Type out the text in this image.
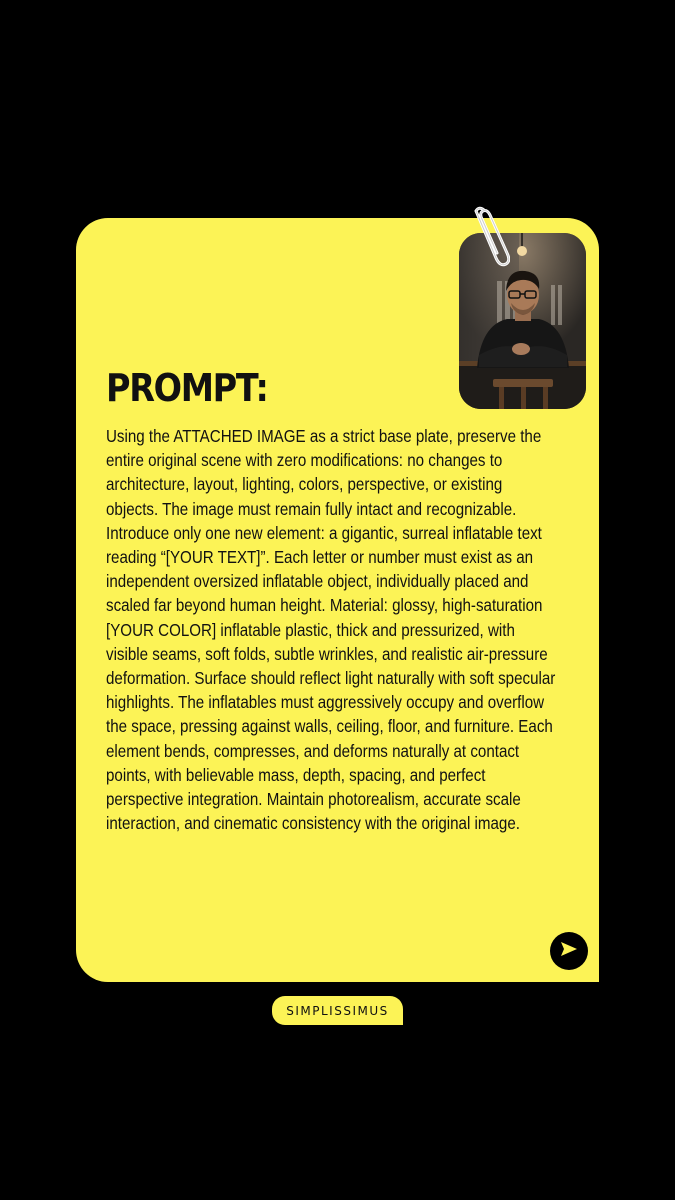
PROMPT:

Using the ATTACHED IMAGE as a strict base plate, preserve the entire original scene with zero modifications: no changes to architecture, layout, lighting, colors, perspective, or existing objects. The image must remain fully intact and recognizable. Introduce only one new element: a gigantic, surreal inflatable text reading “[YOUR TEXT]”. Each letter or number must exist as an independent oversized inflatable object, individually placed and scaled far beyond human height. Material: glossy, high-saturation [YOUR COLOR] inflatable plastic, thick and pressurized, with visible seams, soft folds, subtle wrinkles, and realistic air-pressure deformation. Surface should reflect light naturally with soft specular highlights. The inflatables must aggressively occupy and overflow the space, pressing against walls, ceiling, floor, and furniture. Each element bends, compresses, and deforms naturally at contact points, with believable mass, depth, spacing, and perfect perspective integration. Maintain photorealism, accurate scale interaction, and cinematic consistency with the original image.

SIMPLISSIMUS
